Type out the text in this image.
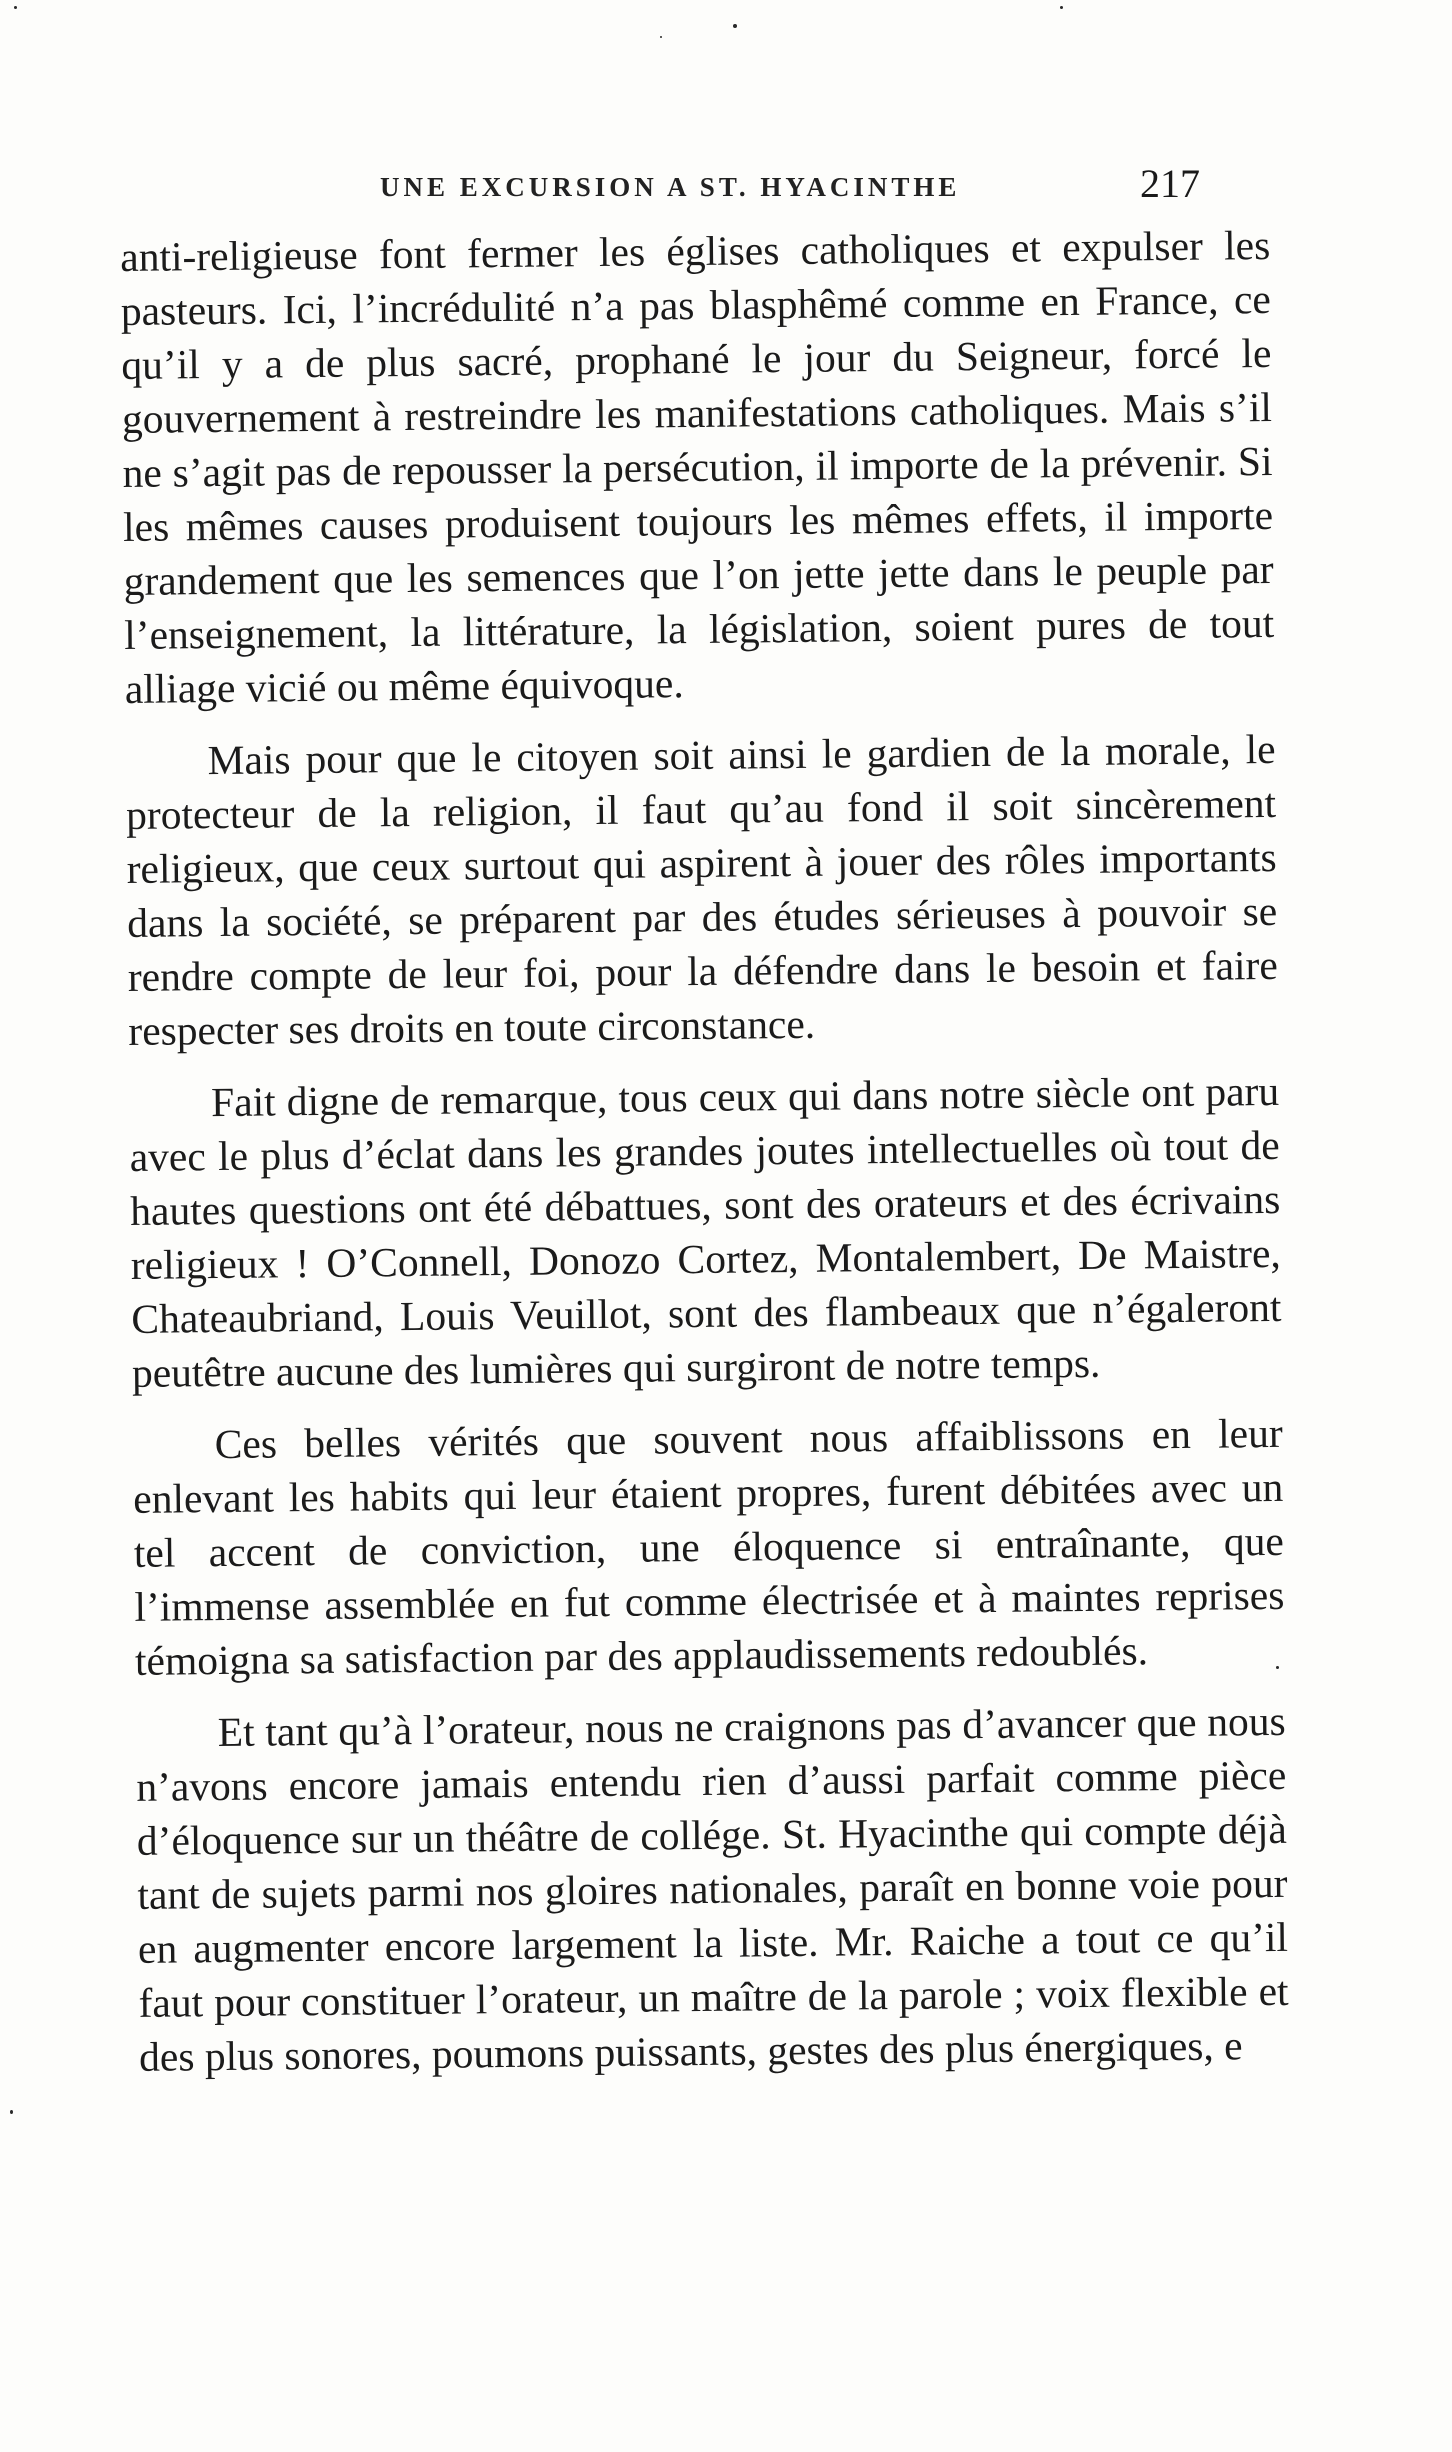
UNE EXCURSION A ST. HYACINTHE	217

anti-religieuse font fermer les églises catholiques et expulser les pasteurs. Ici, l’incrédulité n’a pas blasphêmé comme en France, ce qu’il y a de plus sacré, prophané le jour du Seigneur, forcé le gouvernement à restreindre les manifestations catholiques. Mais s’il ne s’agit pas de repousser la persécution, il importe de la prévenir. Si les mêmes causes produisent toujours les mêmes effets, il importe grandement que les semences que l’on jette jette dans le peuple par l’enseignement, la littérature, la législation, soient pures de tout alliage vicié ou même équivoque.

Mais pour que le citoyen soit ainsi le gardien de la morale, le protecteur de la religion, il faut qu’au fond il soit sincèrement religieux, que ceux surtout qui aspirent à jouer des rôles importants dans la société, se préparent par des études sérieuses à pouvoir se rendre compte de leur foi, pour la défendre dans le besoin et faire respecter ses droits en toute circonstance.

Fait digne de remarque, tous ceux qui dans notre siècle ont paru avec le plus d’éclat dans les grandes joutes intellectuelles où tout de hautes questions ont été débattues, sont des orateurs et des écrivains religieux ! O’Connell, Donozo Cortez, Montalembert, De Maistre, Chateaubriand, Louis Veuillot, sont des flambeaux que n’égaleront peutêtre aucune des lumières qui surgiront de notre temps.

Ces belles vérités que souvent nous affaiblissons en leur enlevant les habits qui leur étaient propres, furent débitées avec un tel accent de conviction, une éloquence si entraînante, que l’immense assemblée en fut comme électrisée et à maintes reprises témoigna sa satisfaction par des applaudissements redoublés.

Et tant qu’à l’orateur, nous ne craignons pas d’avancer que nous n’avons encore jamais entendu rien d’aussi parfait comme pièce d’éloquence sur un théâtre de collége. St. Hyacinthe qui compte déjà tant de sujets parmi nos gloires nationales, paraît en bonne voie pour en augmenter encore largement la liste. Mr. Raiche a tout ce qu’il faut pour constituer l’orateur, un maître de la parole ; voix flexible et des plus sonores, poumons puissants, gestes des plus énergiques, e
